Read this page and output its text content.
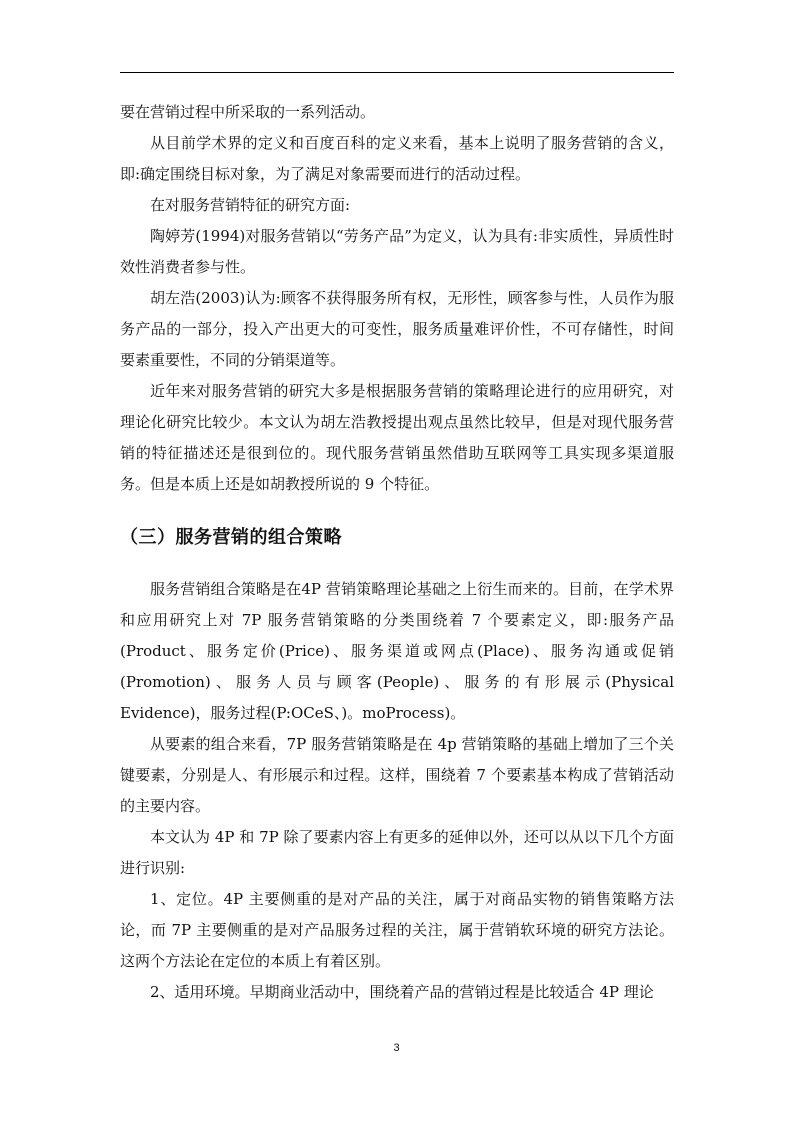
要在营销过程中所采取的一系列活动。

从目前学术界的定义和百度百科的定义来看，基本上说明了服务营销的含义，即:确定围绕目标对象，为了满足对象需要而进行的活动过程。

在对服务营销特征的研究方面:

陶婷芳(1994)对服务营销以“劳务产品”为定义，认为具有:非实质性，异质性时效性消费者参与性。

胡左浩(2003)认为:顾客不获得服务所有权，无形性，顾客参与性，人员作为服务产品的一部分，投入产出更大的可变性，服务质量难评价性，不可存储性，时间要素重要性，不同的分销渠道等。

近年来对服务营销的研究大多是根据服务营销的策略理论进行的应用研究，对理论化研究比较少。本文认为胡左浩教授提出观点虽然比较早，但是对现代服务营销的特征描述还是很到位的。现代服务营销虽然借助互联网等工具实现多渠道服务。但是本质上还是如胡教授所说的 9 个特征。

（三）服务营销的组合策略

服务营销组合策略是在4P 营销策略理论基础之上衍生而来的。目前，在学术界和应用研究上对 7P 服务营销策略的分类围绕着 7 个要素定义，即:服务产品(Product、服务定价(Price)、服务渠道或网点(Place)、服务沟通或促销(Promotion)、服务人员与顾客(People)、服务的有形展示(Physical Evidence)，服务过程(P:OCeS、)。moProcess)。

从要素的组合来看，7P 服务营销策略是在 4p 营销策略的基础上增加了三个关键要素，分别是人、有形展示和过程。这样，围绕着 7 个要素基本构成了营销活动的主要内容。

本文认为 4P 和 7P 除了要素内容上有更多的延伸以外，还可以从以下几个方面进行识别:

1、定位。4P 主要侧重的是对产品的关注，属于对商品实物的销售策略方法论，而 7P 主要侧重的是对产品服务过程的关注，属于营销软环境的研究方法论。这两个方法论在定位的本质上有着区别。

2、适用环境。早期商业活动中，围绕着产品的营销过程是比较适合 4P 理论

3
